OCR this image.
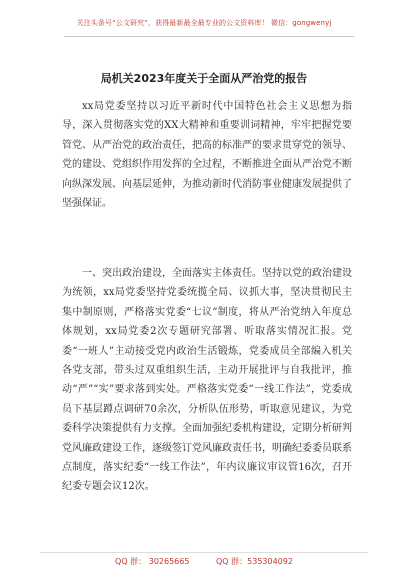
关注头条号“公文研究”，获得最新最全最专业的公文资料库！ 微信：gongwenyj
局机关2023年度关于全面从严治党的报告

xx局党委坚持以习近平新时代中国特色社会主义思想为指导，深入贯彻落实党的XX大精神和重要训词精神，牢牢把握党要管党、从严治党的政治责任，把高的标准严的要求贯穿党的领导、党的建设、党组织作用发挥的全过程，不断推进全面从严治党不断向纵深发展、向基层延伸，为推动新时代消防事业健康发展提供了坚强保证。

一、突出政治建设，全面落实主体责任。坚持以党的政治建设为统领，xx局党委坚持党委统揽全局、议抓大事，坚决贯彻民主集中制原则，严格落实党委“七议”制度，将从严治党纳入年度总体规划，xx局党委2次专题研究部署、听取落实情况汇报。党委“一班人”主动接受党内政治生活锻炼，党委成员全部编入机关各党支部，带头过双重组织生活，主动开展批评与自我批评，推动“严”“实”要求落到实处。严格落实党委“一线工作法”，党委成员下基层蹲点调研70余次，分析队伍形势，听取意见建议，为党委科学决策提供有力支撑。全面加强纪委机构建设，定期分析研判党风廉政建设工作，逐级签订党风廉政责任书，明确纪委委员联系点制度，落实纪委“一线工作法”，年内议廉议审议管16次，召开纪委专题会议12次。

QQ 群： 30265665	QQ 群：535304092
